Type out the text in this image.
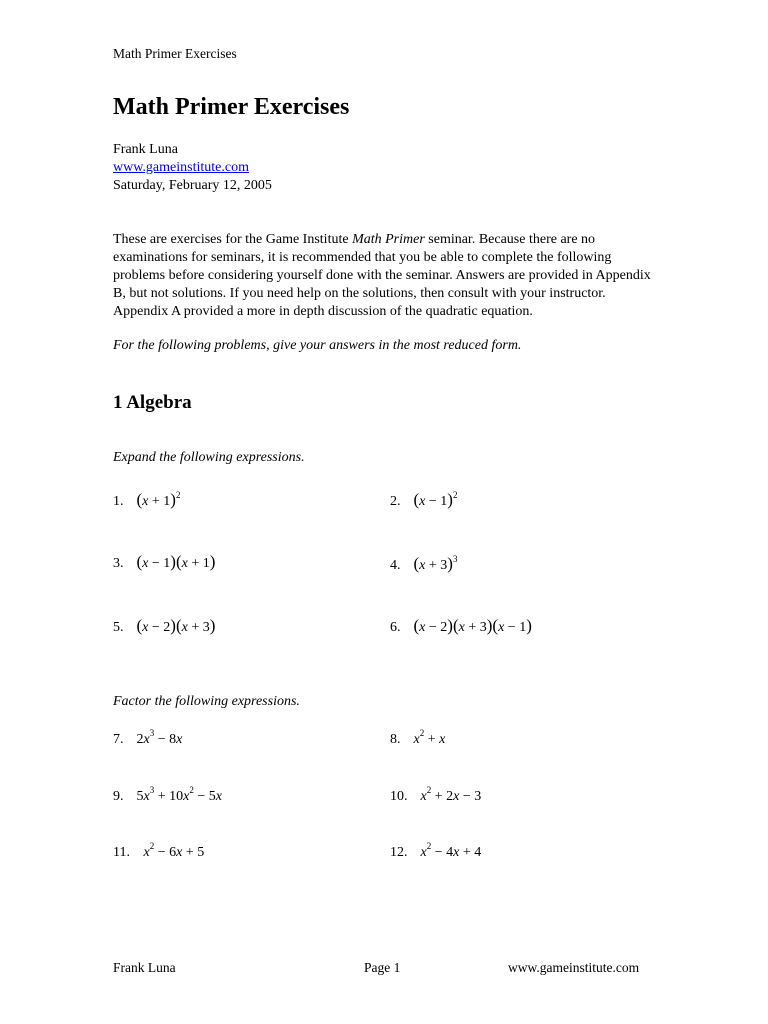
Math Primer Exercises
Math Primer Exercises
Frank Luna
www.gameinstitute.com
Saturday, February 12, 2005

These are exercises for the Game Institute Math Primer seminar. Because there are no examinations for seminars, it is recommended that you be able to complete the following problems before considering yourself done with the seminar. Answers are provided in Appendix B, but not solutions. If you need help on the solutions, then consult with your instructor. Appendix A provided a more in depth discussion of the quadratic equation.

For the following problems, give your answers in the most reduced form.
1 Algebra
Expand the following expressions.
1. $(x + 1)^2$	2. $(x - 1)^2$
3. (x − 1)(x + 1)	4. $(x + 3)^3$
5. (x − 2)(x + 3)	6. (x − 2)(x + 3)(x − 1)
Factor the following expressions.
7. $2x^3 - 8x$	8. $x^2 + x$
9. $5x^3 + 10x^2 - 5x$	10. $x^2 + 2x - 3$
11. $x^2 - 6x + 5$	12. $x^2 - 4x + 4$
Frank Luna	Page 1	www.gameinstitute.com
